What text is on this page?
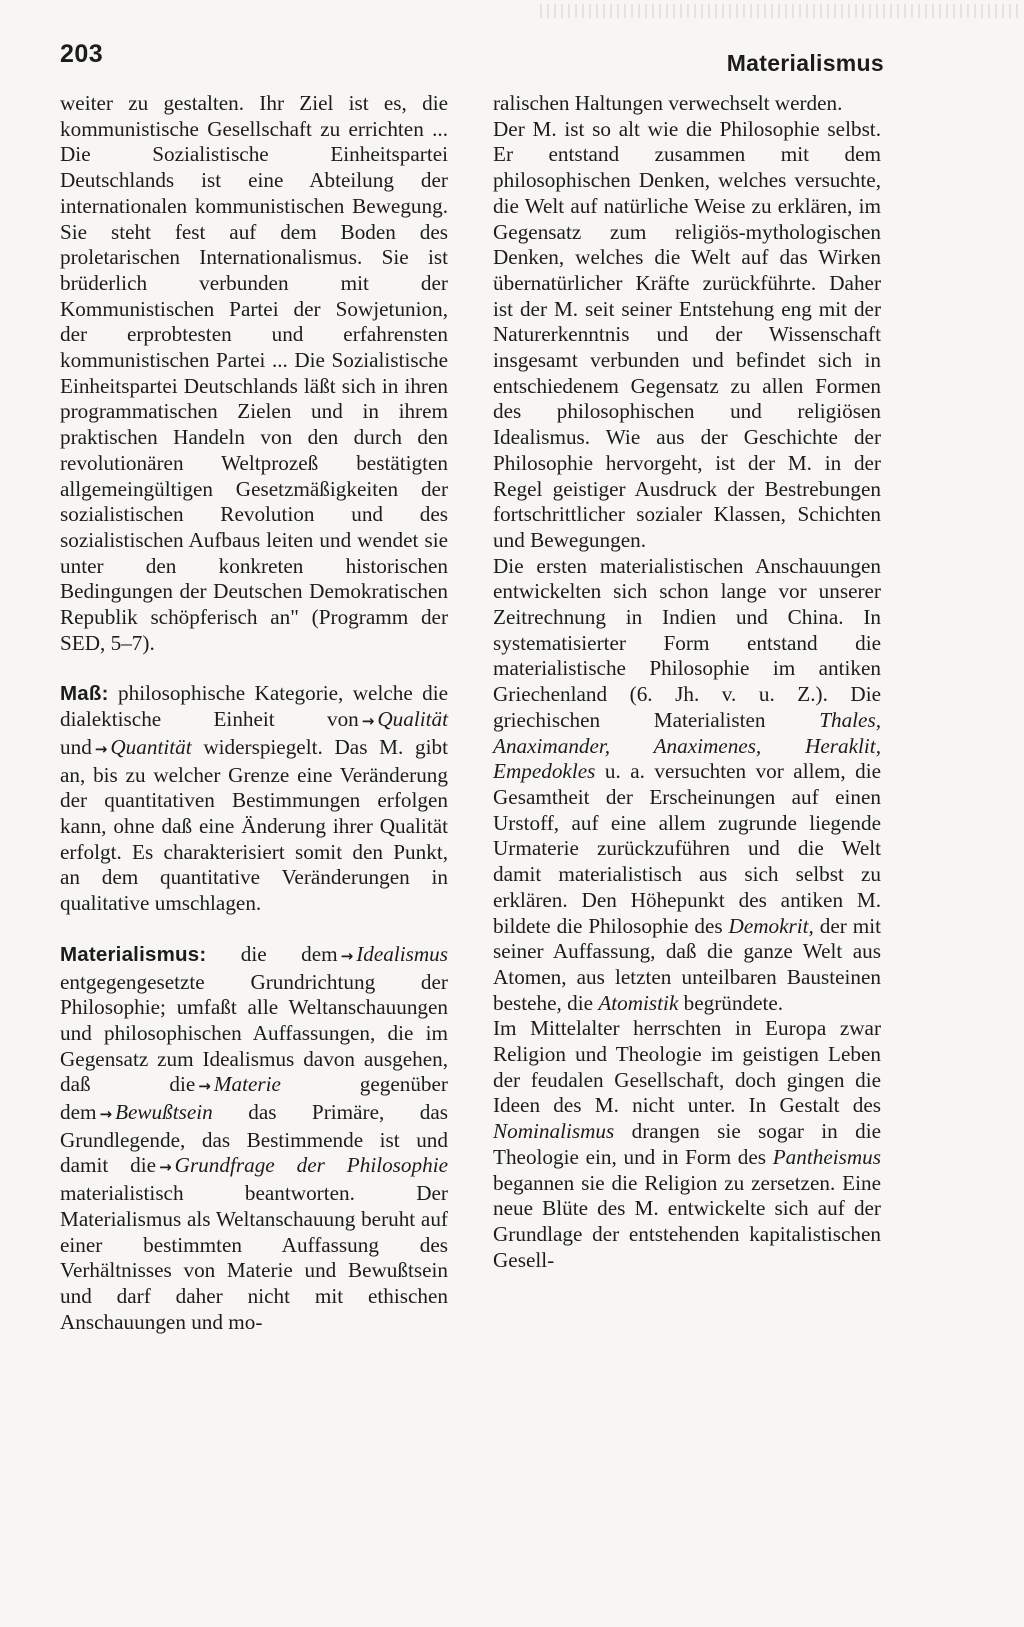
203	Materialismus

weiter zu gestalten. Ihr Ziel ist es, die kommunistische Gesellschaft zu errichten ... Die Sozialistische Einheitspartei Deutschlands ist eine Abteilung der internationalen kommunistischen Bewegung. Sie steht fest auf dem Boden des proletarischen Internationalismus. Sie ist brüderlich verbunden mit der Kommunistischen Partei der Sowjetunion, der erprobtesten und erfahrensten kommunistischen Partei ... Die Sozialistische Einheitspartei Deutschlands läßt sich in ihren programmatischen Zielen und in ihrem praktischen Handeln von den durch den revolutionären Weltprozeß bestätigten allgemeingültigen Gesetzmäßigkeiten der sozialistischen Revolution und des sozialistischen Aufbaus leiten und wendet sie unter den konkreten historischen Bedingungen der Deutschen Demokratischen Republik schöpferisch an" (Programm der SED, 5–7).

Maß: philosophische Kategorie, welche die dialektische Einheit von → Qualität und → Quantität widerspiegelt. Das M. gibt an, bis zu welcher Grenze eine Veränderung der quantitativen Bestimmungen erfolgen kann, ohne daß eine Änderung ihrer Qualität erfolgt. Es charakterisiert somit den Punkt, an dem quantitative Veränderungen in qualitative umschlagen.

Materialismus: die dem → Idealismus entgegengesetzte Grundrichtung der Philosophie; umfaßt alle Weltanschauungen und philosophischen Auffassungen, die im Gegensatz zum Idealismus davon ausgehen, daß die → Materie	gegenüber dem → Bewußtsein das Primäre, das Grundlegende, das Bestimmende ist und damit die → Grundfrage der Philosophie materialistisch beantworten. Der Materialismus als Weltanschauung beruht auf einer bestimmten Auffassung des Verhältnisses von Materie und Bewußtsein und darf daher nicht mit ethischen Anschauungen und mo-

ralischen Haltungen verwechselt werden.

Der M. ist so alt wie die Philosophie selbst. Er entstand zusammen mit dem philosophischen Denken, welches versuchte, die Welt auf natürliche Weise zu erklären, im Gegensatz zum religiös-mythologischen Denken, welches die Welt auf das Wirken übernatürlicher Kräfte zurückführte. Daher ist der M. seit seiner Entstehung eng mit der Naturerkenntnis und der Wissenschaft insgesamt verbunden und befindet sich in entschiedenem Gegensatz zu allen Formen des philosophischen und religiösen Idealismus. Wie aus der Geschichte der Philosophie hervorgeht, ist der M. in der Regel geistiger Ausdruck der Bestrebungen fortschrittlicher sozialer Klassen, Schichten und Bewegungen.

Die ersten materialistischen Anschauungen entwickelten sich schon lange vor unserer Zeitrechnung in Indien und China. In systematisierter Form entstand die materialistische Philosophie im antiken Griechenland (6. Jh. v. u. Z.). Die griechischen Materialisten	Thales, Anaximander, Anaximenes, Heraklit, Empedokles u. a. versuchten vor allem, die Gesamtheit der Erscheinungen auf einen Urstoff, auf eine allem zugrunde liegende Urmaterie zurückzuführen und die Welt damit materialistisch aus sich selbst zu erklären. Den Höhepunkt des antiken M. bildete die Philosophie des Demokrit, der mit seiner Auffassung, daß die ganze Welt aus Atomen, aus letzten unteilbaren Bausteinen bestehe, die Atomistik begründete.

Im Mittelalter herrschten in Europa zwar Religion und Theologie im geistigen Leben der feudalen Gesellschaft, doch gingen die Ideen des M. nicht unter. In Gestalt des Nominalismus drangen sie sogar in die Theologie ein, und in Form des Pantheismus begannen sie die Religion zu zersetzen. Eine neue Blüte des M. entwickelte sich auf der Grundlage der entstehenden kapitalistischen Gesell-
